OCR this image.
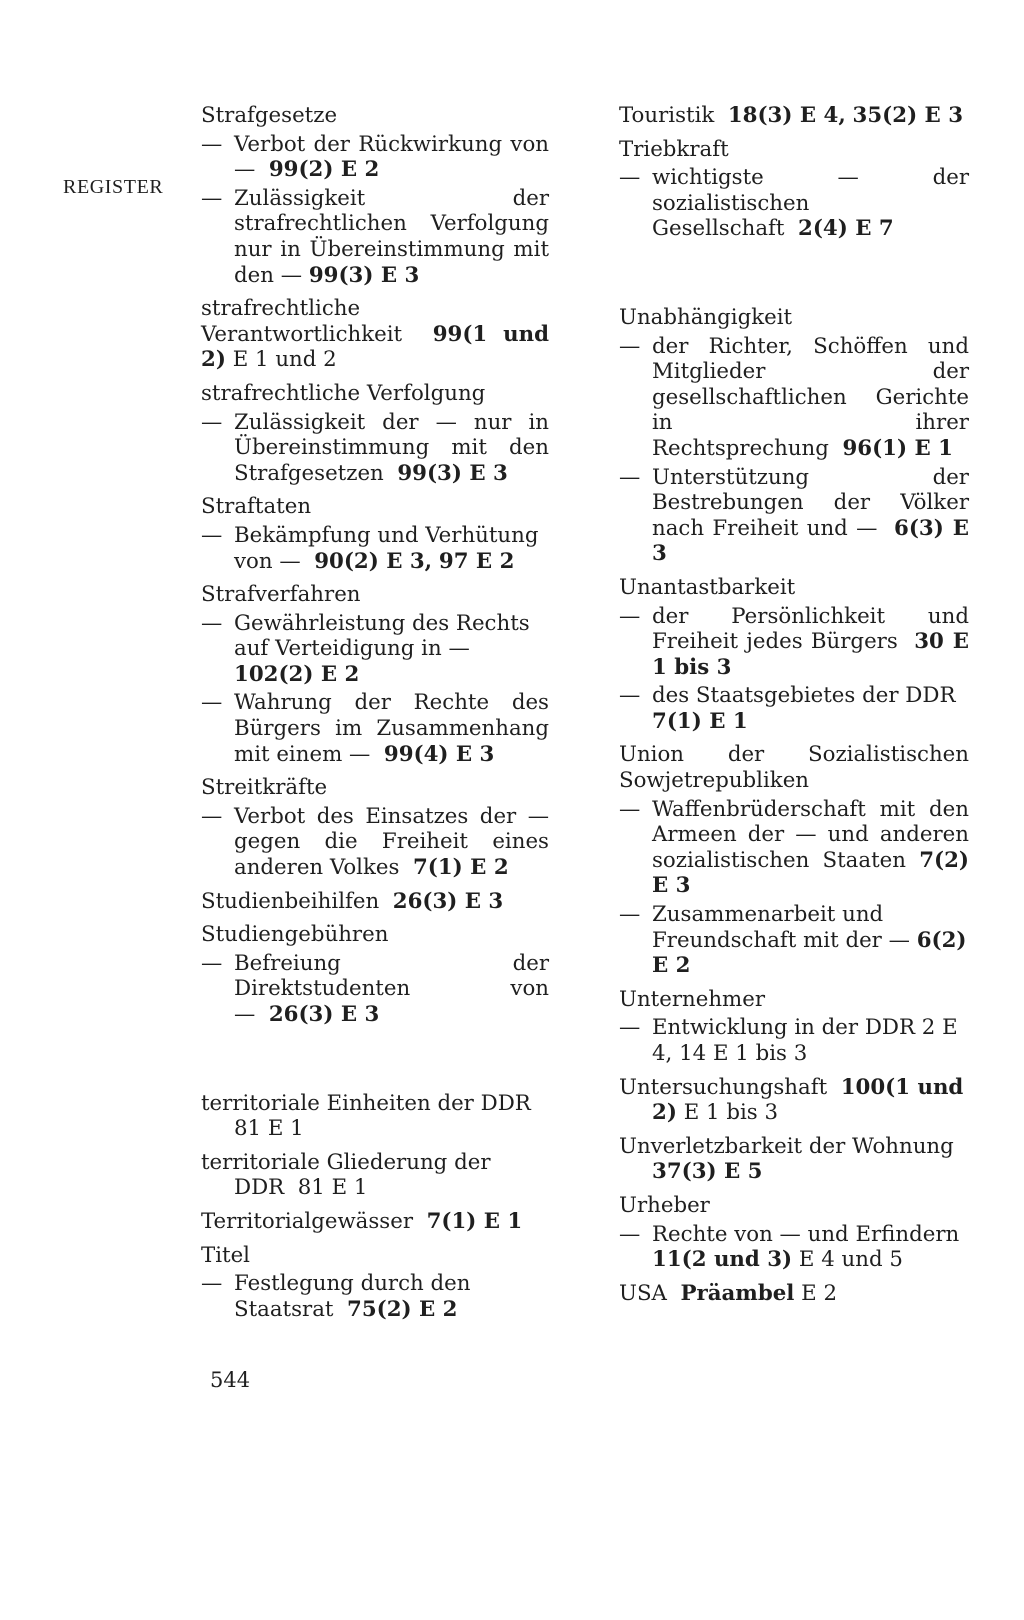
REGISTER

Strafgesetze
— Verbot der Rückwirkung von — 99(2) E 2
— Zulässigkeit der strafrechtlichen Verfolgung nur in Übereinstimmung mit den — 99(3) E 3
strafrechtliche Verantwortlichkeit 99(1 und 2) E 1 und 2
strafrechtliche Verfolgung
— Zulässigkeit der — nur in Übereinstimmung mit den Strafgesetzen 99(3) E 3
Straftaten
— Bekämpfung und Verhütung von — 90(2) E 3, 97 E 2
Strafverfahren
— Gewährleistung des Rechts auf Verteidigung in — 102(2) E 2
— Wahrung der Rechte des Bürgers im Zusammenhang mit einem — 99(4) E 3
Streitkräfte
— Verbot des Einsatzes der — gegen die Freiheit eines anderen Volkes 7(1) E 2
Studienbeihilfen 26(3) E 3
Studiengebühren
— Befreiung der Direktstudenten von — 26(3) E 3
territoriale Einheiten der DDR 81 E 1
territoriale Gliederung der DDR 81 E 1
Territorialgewässer 7(1) E 1
Titel
— Festlegung durch den Staatsrat 75(2) E 2
Touristik 18(3) E 4, 35(2) E 3
Triebkraft
— wichtigste — der sozialistischen Gesellschaft 2(4) E 7
Unabhängigkeit
— der Richter, Schöffen und Mitglieder der gesellschaftlichen Gerichte in ihrer Rechtsprechung 96(1) E 1
— Unterstützung der Bestrebungen der Völker nach Freiheit und — 6(3) E 3
Unantastbarkeit
— der Persönlichkeit und Freiheit jedes Bürgers 30 E 1 bis 3
— des Staatsgebietes der DDR 7(1) E 1
Union der Sozialistischen Sowjetrepubliken
— Waffenbrüderschaft mit den Armeen der — und anderen sozialistischen Staaten 7(2) E 3
— Zusammenarbeit und Freundschaft mit der — 6(2) E 2
Unternehmer
— Entwicklung in der DDR 2 E 4, 14 E 1 bis 3
Untersuchungshaft 100(1 und 2) E 1 bis 3
Unverletzbarkeit der Wohnung 37(3) E 5
Urheber
— Rechte von — und Erfindern 11(2 und 3) E 4 und 5
USA Präambel E 2

544
